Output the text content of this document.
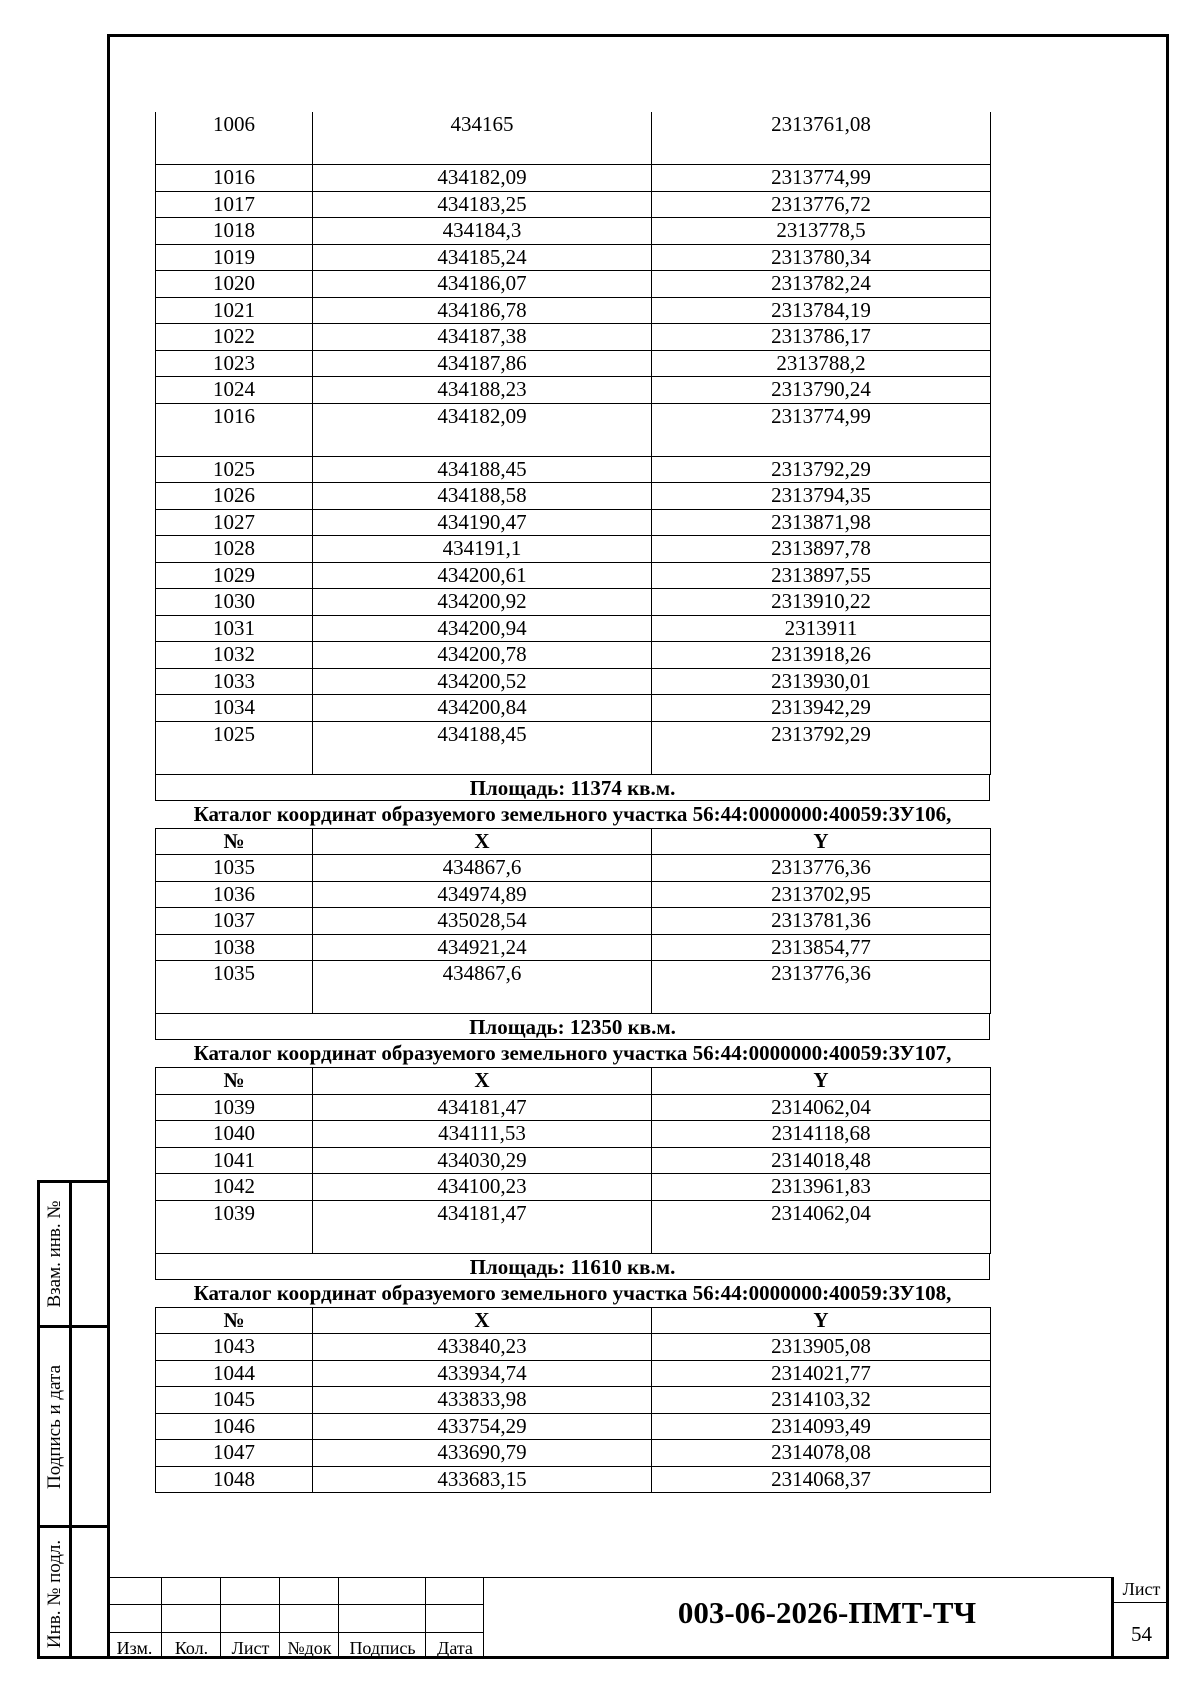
1006	434165	2313761,08
1016	434182,09	2313774,99
1017	434183,25	2313776,72
1018	434184,3	2313778,5
1019	434185,24	2313780,34
1020	434186,07	2313782,24
1021	434186,78	2313784,19
1022	434187,38	2313786,17
1023	434187,86	2313788,2
1024	434188,23	2313790,24
1016	434182,09	2313774,99
1025	434188,45	2313792,29
1026	434188,58	2313794,35
1027	434190,47	2313871,98
1028	434191,1	2313897,78
1029	434200,61	2313897,55
1030	434200,92	2313910,22
1031	434200,94	2313911
1032	434200,78	2313918,26
1033	434200,52	2313930,01
1034	434200,84	2313942,29
1025	434188,45	2313792,29
Площадь: 11374 кв.м.
Каталог координат образуемого земельного участка 56:44:0000000:40059:ЗУ106,
№	X	Y
1035	434867,6	2313776,36
1036	434974,89	2313702,95
1037	435028,54	2313781,36
1038	434921,24	2313854,77
1035	434867,6	2313776,36
Площадь: 12350 кв.м.
Каталог координат образуемого земельного участка 56:44:0000000:40059:ЗУ107,
№	X	Y
1039	434181,47	2314062,04
1040	434111,53	2314118,68
1041	434030,29	2314018,48
1042	434100,23	2313961,83
1039	434181,47	2314062,04
Площадь: 11610 кв.м.
Каталог координат образуемого земельного участка 56:44:0000000:40059:ЗУ108,
№	X	Y
1043	433840,23	2313905,08
1044	433934,74	2314021,77
1045	433833,98	2314103,32
1046	433754,29	2314093,49
1047	433690,79	2314078,08
1048	433683,15	2314068,37
Взам. инв. №
Подпись и дата
Инв. № подл.
Изм.	Кол.	Лист	№док Подпись	Дата
003-06-2026-ПМТ-ТЧ
Лист
54
